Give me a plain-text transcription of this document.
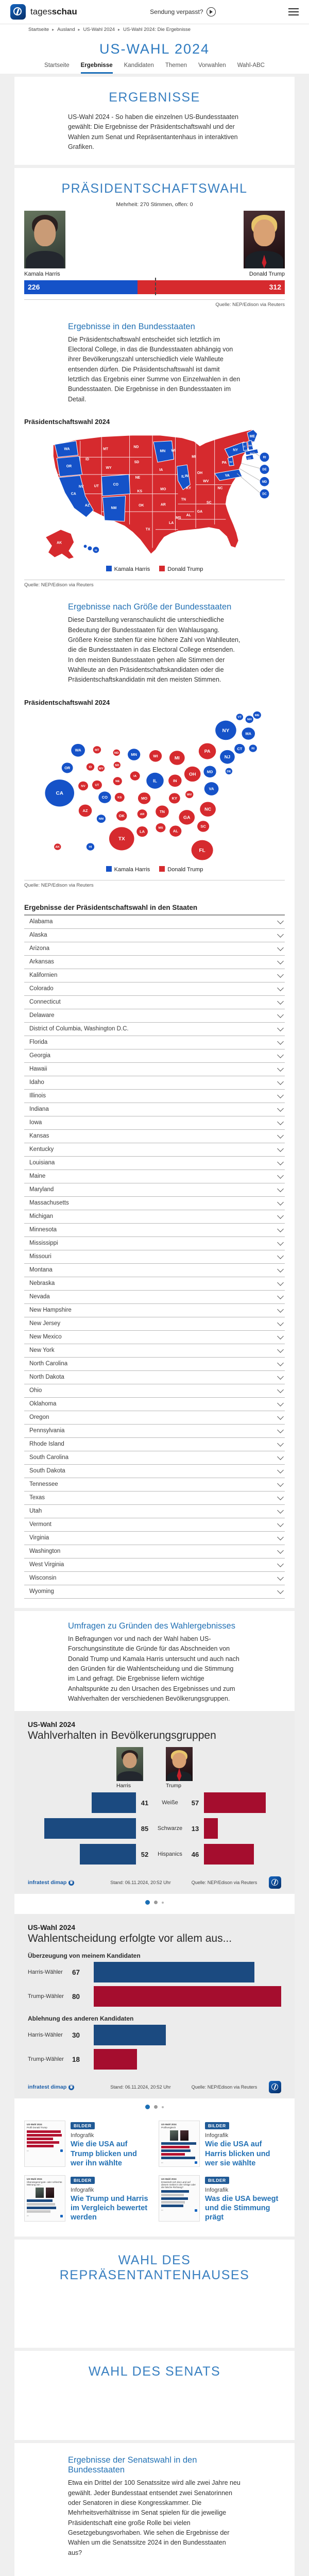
tagesschau	Sendung verpasst?
Startseite ▸ Ausland ▸ US-Wahl 2024 ▸ US-Wahl 2024: Die Ergebnisse
US-WAHL 2024
Startseite Ergebnisse Kandidaten Themen Vorwahlen Wahl-ABC
ERGEBNISSE

US-Wahl 2024 - So haben die einzelnen US-Bundesstaaten gewählt: Die Ergebnisse der Präsidentschaftswahl und der Wahlen zum Senat und Repräsentantenhaus in interaktiven Grafiken.

PRÄSIDENTSCHAFTSWAHL
Mehrheit: 270 Stimmen, offen: 0
Kamala Harris	Donald Trump
226	312
Quelle: NEP/Edison via Reuters
Ergebnisse in den Bundesstaaten

Die Präsidentschaftswahl entscheidet sich letztlich im Electoral College, in das die Bundesstaaten abhängig von ihrer Bevölkerungszahl unterschiedlich viele Wahlleute entsenden dürfen. Die Präsidentschaftswahl ist damit letztlich das Ergebnis einer Summe von Einzelwahlen in den Bundesstaaten. Die Ergebnisse in den Bundesstaaten im Detail.

Präsidentschaftswahl 2024
WA
OR
CA
NV
ID
MT
WY
UT	CO
AZ
NM
ND
SD
NE
KS
OK
TX
MN
IA
MO
AR
LA
WI
IL
MI
IN
OH
KY
TN
MS
AL
GA
SC
NC
WV
VA
PA
NY
FL
AK
ME
VT NH
MA
CT
NJ
HI
RI
DE
MD
DC
Kamala Harris	Donald Trump
Quelle: NEP/Edison via Reuters
Ergebnisse nach Größe der Bundesstaaten

Diese Darstellung veranschaulicht die unterschiedliche Bedeutung der Bundesstaaten für den Wahlausgang. Größere Kreise stehen für eine höhere Zahl von Wahlleuten, die die Bundesstaaten in das Electoral College entsenden. In den meisten Bundesstaaten gehen alle Stimmen der Wahlleute an den Präsidentschaftskandidaten oder die Präsidentschaftskandidatin mit den meisten Stimmen.

Präsidentschaftswahl 2024
WA
OR
CA
NV
ID
MT
WY
UT
CO
AZ
NM
ND
SD
NE
KS
OK
TX
MN
IA
MO
AR
LA
WI
IL
MI
IN
OH
KY
TN
MS
AL
GA
SC
NC
WV
VA
PA
NY
FL
AK	HI
ME
VT
NH
MA
CT
NJ
RI
DE
MD
Kamala Harris	Donald Trump
Quelle: NEP/Edison via Reuters
Ergebnisse der Präsidentschaftswahl in den Staaten
Alabama
Alaska
Arizona
Arkansas
Kalifornien
Colorado
Connecticut
Delaware
District of Columbia, Washington D.C.
Florida
Georgia
Hawaii
Idaho
Illinois
Indiana
Iowa
Kansas
Kentucky
Louisiana
Maine
Maryland
Massachusetts
Michigan
Minnesota
Mississippi
Missouri
Montana
Nebraska
Nevada
New Hampshire
New Jersey
New Mexico
New York
North Carolina
North Dakota
Ohio
Oklahoma
Oregon
Pennsylvania
Rhode Island
South Carolina
South Dakota
Tennessee
Texas
Utah
Vermont
Virginia
Washington
West Virginia
Wisconsin
Wyoming
Umfragen zu Gründen des Wahlergebnisses

In Befragungen vor und nach der Wahl haben US-Forschungsinstitute die Gründe für das Abschneiden von Donald Trump und Kamala Harris untersucht und auch nach den Gründen für die Wahlentscheidung und die Stimmung im Land gefragt. Die Ergebnisse liefern wichtige Anhaltspunkte zu den Ursachen des Ergebnisses und zum Wahlverhalten der verschiedenen Bevölkerungsgruppen.

US-Wahl 2024
Wahlverhalten in Bevölkerungsgruppen
Harris	Trump
41	Weiße	57
85	Schwarze	13
52	Hispanics	46
infratest dimap	Stand: 06.11.2024, 20:52 Uhr	Quelle: NEP/Edison via Reuters
US-Wahl 2024
Wahlentscheidung erfolgte vor allem aus...
Überzeugung von meinem Kandidaten
Harris-Wähler	67
Trump-Wähler	80
Ablehnung des anderen Kandidaten
Harris-Wähler	30
Trump-Wähler	18
infratest dimap	Stand: 06.11.2024, 20:52 Uhr	Quelle: NEP/Edison via Reuters
US-Wahl 2024
Profil Donald Trump
▪▪▪
BILDER
Infografik
Wie die USA auf Trump blicken und wer ihn wählte
US-Wahl 2024
Profilvergleich
▪▪▪
BILDER
Infografik
Wie die USA auf Harris blicken und wer sie wählte
US-Wahl 2024
Überwiegend gute- oder schlechte Meinung von ...
▪▪▪
BILDER
Infografik
Wie Trump und Harris im Vergleich bewertet werden
US-Wahl 2024
Entwickelt sich das Land auf diesem Gebiet in die richtige oder die falsche Richtung?
▪▪▪
BILDER
Infografik
Was die USA bewegt und die Stimmung prägt
WAHL DES REPRÄSENTANTENHAUSES
WAHL DES SENATS
Ergebnisse der Senatswahl in den Bundesstaaten

Etwa ein Drittel der 100 Senatssitze wird alle zwei Jahre neu gewählt. Jeder Bundesstaat entsendet zwei Senatorinnen oder Senatoren in diese Kongresskammer. Die Mehrheitsverhältnisse im Senat spielen für die jeweilige Präsidentschaft eine große Rolle bei vielen Gesetzgebungsvorhaben. Wie sehen die Ergebnisse der Wahlen um die Senatssitze 2024 in den Bundesstaaten aus?
